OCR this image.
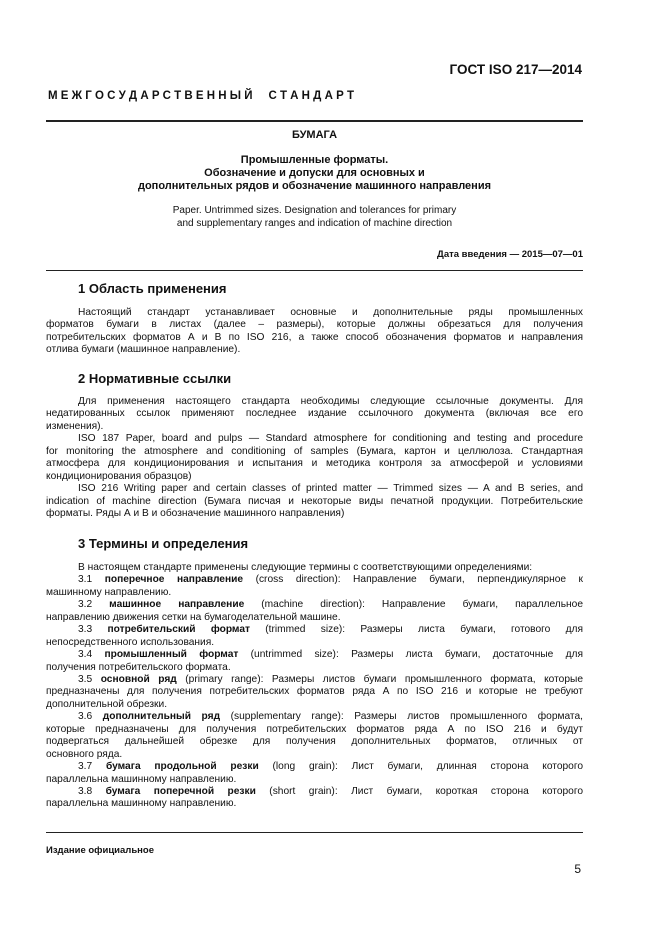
ГОСТ ISO 217—2014
М Е Ж Г О С У Д А Р С Т В Е Н Н Ы Й     С Т А Н Д А Р Т
БУМАГА
Промышленные форматы.
Обозначение и допуски для основных и
дополнительных рядов и обозначение машинного направления
Paper. Untrimmed sizes. Designation and tolerances for primary
and supplementary ranges and indication of machine direction
Дата введения — 2015—07—01
1 Область применения
Издание официальное
5
Настоящий стандарт устанавливает основные и дополнительные ряды промышленных
форматов бумаги в листах (далее – размеры), которые должны обрезаться для получения
потребительских форматов А и В по ISO 216, а также способ обозначения форматов и направления
отлива бумаги (машинное направление).
2 Нормативные ссылки
Для применения настоящего стандарта необходимы следующие ссылочные документы. Для
недатированных ссылок применяют последнее издание ссылочного документа (включая все его
изменения).
ISO 187 Paper, board and pulps — Standard atmosphere for conditioning and testing and procedure
for monitoring the atmosphere and conditioning of samples (Бумага, картон и целлюлоза. Стандартная
атмосфера для кондиционирования и испытания и методика контроля за атмосферой и условиями
кондиционирования образцов)
ISO 216 Writing paper and certain classes of printed matter — Trimmed sizes — A and B series, and
indication of machine direction (Бумага писчая и некоторые виды печатной продукции. Потребительские
форматы. Ряды А и В и обозначение машинного направления)
3 Термины и определения
В настоящем стандарте применены следующие термины с соответствующими определениями:
3.1 поперечное направление (cross direction): Направление бумаги, перпендикулярное к
машинному направлению.
3.2 машинное направление (machine direction): Направление бумаги, параллельное
направлению движения сетки на бумагоделательной машине.
3.3 потребительский формат (trimmed size): Размеры листа бумаги, готового для
непосредственного использования.
3.4 промышленный формат (untrimmed size): Размеры листа бумаги, достаточные для
получения потребительского формата.
3.5 основной ряд (primary range): Размеры листов бумаги промышленного формата, которые
предназначены для получения потребительских форматов ряда А по ISO 216 и которые не требуют
дополнительной обрезки.
3.6 дополнительный ряд (supplementary range): Размеры листов промышленного формата,
которые предназначены для получения потребительских форматов ряда А по ISO 216 и будут
подвергаться дальнейшей обрезке для получения дополнительных форматов, отличных от
основного ряда.
3.7 бумага продольной резки (long grain): Лист бумаги, длинная сторона которого
параллельна машинному направлению.
3.8 бумага поперечной резки (short grain): Лист бумаги, короткая сторона которого
параллельна машинному направлению.
